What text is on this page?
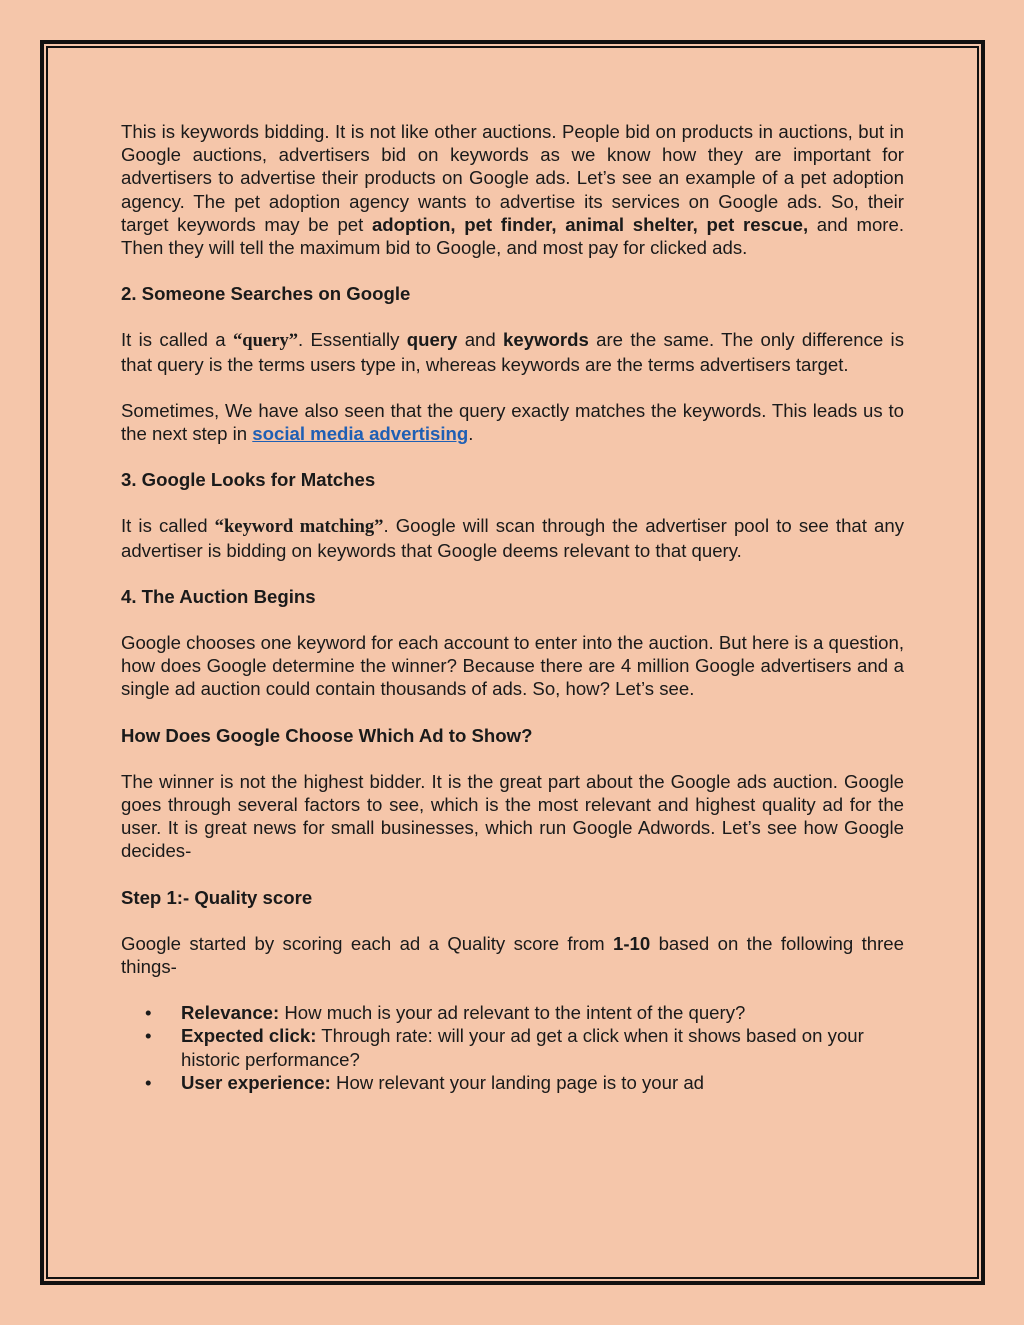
This is keywords bidding. It is not like other auctions. People bid on products in auctions, but in Google auctions, advertisers bid on keywords as we know how they are important for advertisers to advertise their products on Google ads. Let’s see an example of a pet adoption agency. The pet adoption agency wants to advertise its services on Google ads. So, their target keywords may be pet adoption, pet finder, animal shelter, pet rescue, and more. Then they will tell the maximum bid to Google, and most pay for clicked ads.

2. Someone Searches on Google

It is called a “query”. Essentially query and keywords are the same. The only difference is that query is the terms users type in, whereas keywords are the terms advertisers target.

Sometimes, We have also seen that the query exactly matches the keywords. This leads us to the next step in social media advertising.

3. Google Looks for Matches

It is called “keyword matching”. Google will scan through the advertiser pool to see that any advertiser is bidding on keywords that Google deems relevant to that query.

4. The Auction Begins

Google chooses one keyword for each account to enter into the auction. But here is a question, how does Google determine the winner? Because there are 4 million Google advertisers and a single ad auction could contain thousands of ads. So, how? Let’s see.

How Does Google Choose Which Ad to Show?

The winner is not the highest bidder. It is the great part about the Google ads auction. Google goes through several factors to see, which is the most relevant and highest quality ad for the user. It is great news for small businesses, which run Google Adwords. Let’s see how Google decides-

Step 1:- Quality score

Google started by scoring each ad a Quality score from 1-10 based on the following three things-

• Relevance: How much is your ad relevant to the intent of the query?
• Expected click: Through rate: will your ad get a click when it shows based on your historic performance?
• User experience: How relevant your landing page is to your ad
